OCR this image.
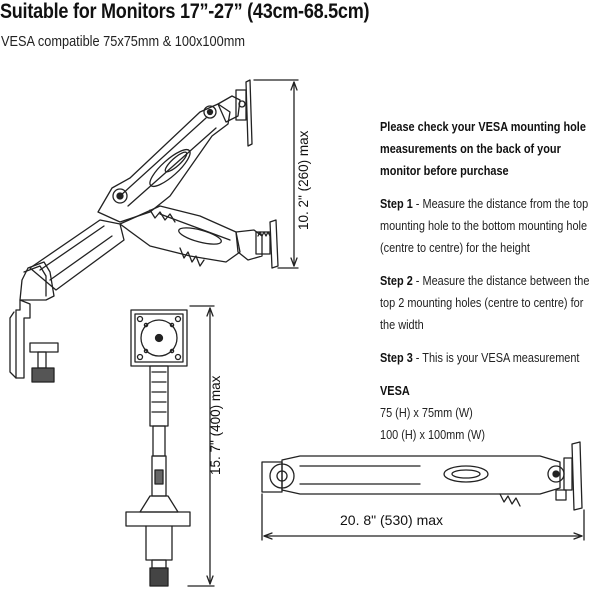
Suitable for Monitors 17”-27” (43cm-68.5cm)
VESA compatible 75x75mm & 100x100mm
10. 2" (260) max
15. 7" (400) max
20. 8" (530) max

Please check your VESA mounting hole measurements on the back of your monitor before purchase

Step 1 - Measure the distance from the top mounting hole to the bottom mounting hole (centre to centre) for the height

Step 2 - Measure the distance between the top 2 mounting holes (centre to centre) for the width

Step 3 - This is your VESA measurement

VESA
75 (H) x 75mm (W)
100 (H) x 100mm (W)
